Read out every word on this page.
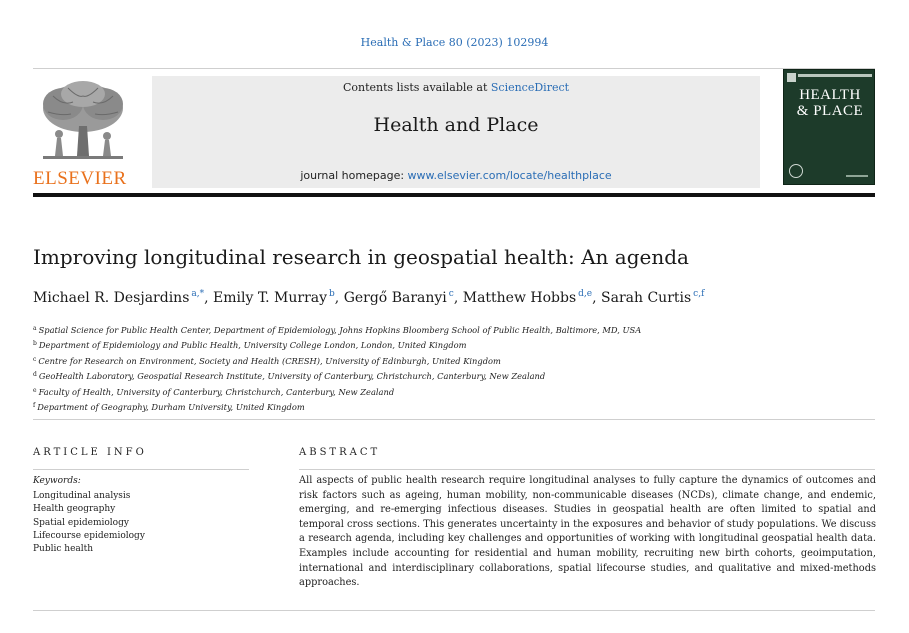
Health & Place 80 (2023) 102994
ELSEVIER
Contents lists available at ScienceDirect
Health and Place
journal homepage: www.elsevier.com/locate/healthplace
HEALTH
& PLACE
Improving longitudinal research in geospatial health: An agenda
Michael R. Desjardins $^{a,*}$, Emily T. Murray $^b$, Gergő Baranyi $^c$, Matthew Hobbs $^{d,e}$, Sarah Curtis $^{c,f}$
$^a$ Spatial Science for Public Health Center, Department of Epidemiology, Johns Hopkins Bloomberg School of Public Health, Baltimore, MD, USA
$^b$ Department of Epidemiology and Public Health, University College London, London, United Kingdom
$^c$ Centre for Research on Environment, Society and Health (CRESH), University of Edinburgh, United Kingdom
$^d$ GeoHealth Laboratory, Geospatial Research Institute, University of Canterbury, Christchurch, Canterbury, New Zealand
$^e$ Faculty of Health, University of Canterbury, Christchurch, Canterbury, New Zealand
$^f$ Department of Geography, Durham University, United Kingdom
ARTICLE INFO
Keywords:
Longitudinal analysis
Health geography
Spatial epidemiology
Lifecourse epidemiology
Public health
ABSTRACT
All aspects of public health research require longitudinal analyses to fully capture the dynamics of outcomes and risk factors such as ageing, human mobility, non-communicable diseases (NCDs), climate change, and endemic, emerging, and re-emerging infectious diseases. Studies in geospatial health are often limited to spatial and temporal cross sections. This generates uncertainty in the exposures and behavior of study populations. We discuss a research agenda, including key challenges and opportunities of working with longitudinal geospatial health data. Examples include accounting for residential and human mobility, recruiting new birth cohorts, geoimputation, international and interdisciplinary collaborations, spatial lifecourse studies, and qualitative and mixed-methods approaches.
